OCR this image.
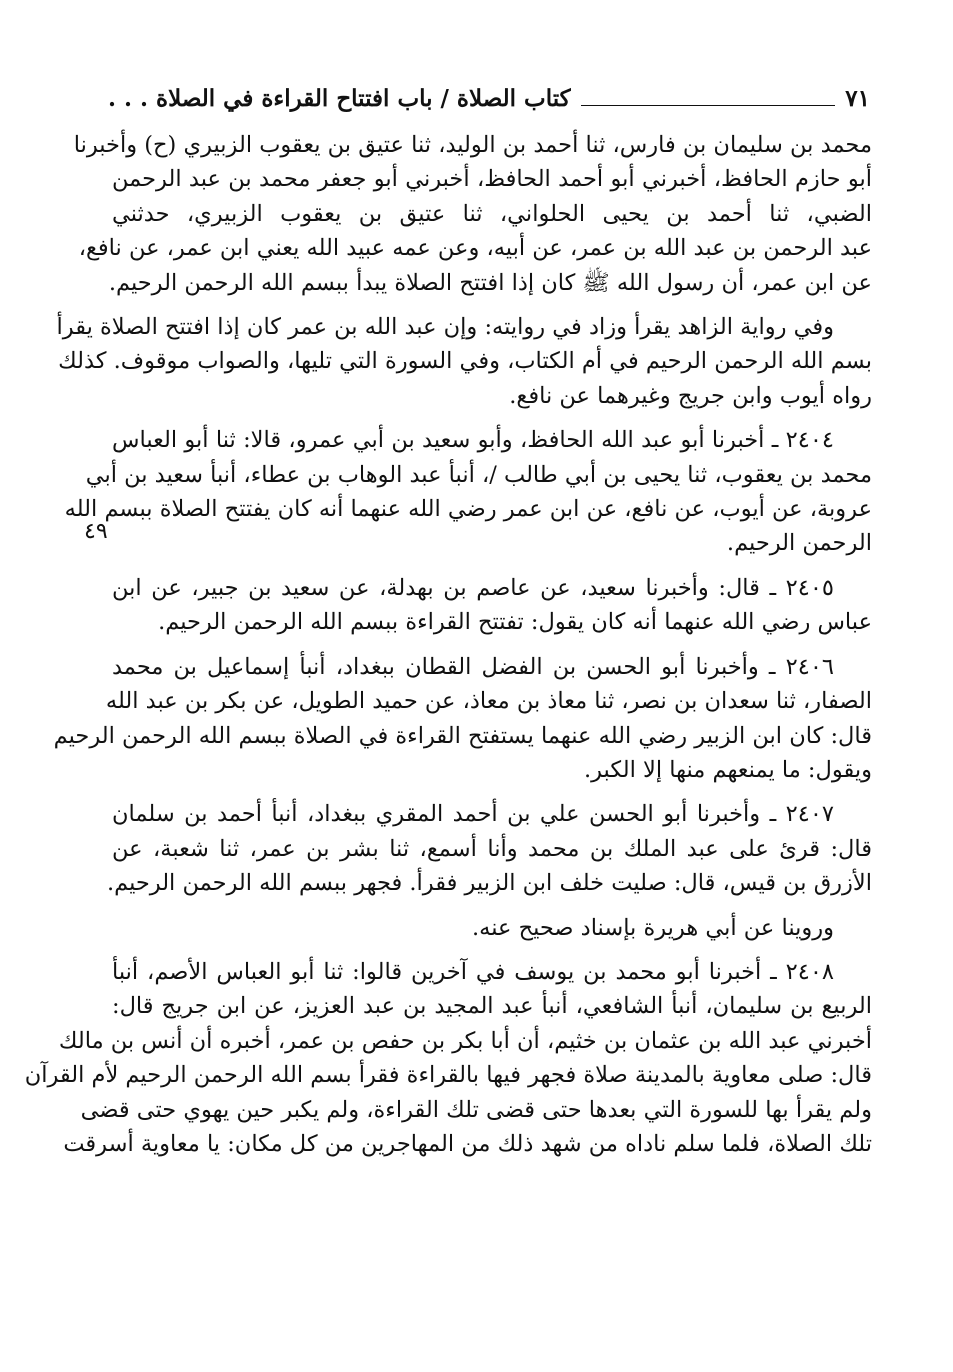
كتاب الصلاة / باب افتتاح القراءة في الصلاة . . .	٧١
٤٩
محمد بن سليمان بن فارس، ثنا أحمد بن الوليد، ثنا عتيق بن يعقوب الزبيري (ح) وأخبرنا
أبو حازم الحافظ، أخبرني أبو أحمد الحافظ، أخبرني أبو جعفر محمد بن عبد الرحمن
الضبي، ثنا أحمد بن يحيى الحلواني، ثنا عتيق بن يعقوب الزبيري، حدثني
عبد الرحمن بن عبد الله بن عمر، عن أبيه، وعن عمه عبيد الله يعني ابن عمر، عن نافع،
عن ابن عمر، أن رسول الله ﷺ كان إذا افتتح الصلاة يبدأ ببسم الله الرحمن الرحيم.
وفي رواية الزاهد يقرأ وزاد في روايته: وإن عبد الله بن عمر كان إذا افتتح الصلاة يقرأ
بسم الله الرحمن الرحيم في أم الكتاب، وفي السورة التي تليها، والصواب موقوف. كذلك
رواه أيوب وابن جريج وغيرهما عن نافع.
٢٤٠٤ ـ أخبرنا أبو عبد الله الحافظ، وأبو سعيد بن أبي عمرو، قالا: ثنا أبو العباس
محمد بن يعقوب، ثنا يحيى بن أبي طالب /، أنبأ عبد الوهاب بن عطاء، أنبأ سعيد بن أبي
عروبة، عن أيوب، عن نافع، عن ابن عمر رضي الله عنهما أنه كان يفتتح الصلاة ببسم الله
الرحمن الرحيم.
٢٤٠٥ ـ قال: وأخبرنا سعيد، عن عاصم بن بهدلة، عن سعيد بن جبير، عن ابن
عباس رضي الله عنهما أنه كان يقول: تفتتح القراءة ببسم الله الرحمن الرحيم.
٢٤٠٦ ـ وأخبرنا أبو الحسن بن الفضل القطان ببغداد، أنبأ إسماعيل بن محمد
الصفار، ثنا سعدان بن نصر، ثنا معاذ بن معاذ، عن حميد الطويل، عن بكر بن عبد الله
قال: كان ابن الزبير رضي الله عنهما يستفتح القراءة في الصلاة ببسم الله الرحمن الرحيم
ويقول: ما يمنعهم منها إلا الكبر.
٢٤٠٧ ـ وأخبرنا أبو الحسن علي بن أحمد المقري ببغداد، أنبأ أحمد بن سلمان
قال: قرئ على عبد الملك بن محمد وأنا أسمع، ثنا بشر بن عمر، ثنا شعبة، عن
الأزرق بن قيس، قال: صليت خلف ابن الزبير فقرأ. فجهر ببسم الله الرحمن الرحيم.
وروينا عن أبي هريرة بإسناد صحيح عنه.
٢٤٠٨ ـ أخبرنا أبو محمد بن يوسف في آخرين قالوا: ثنا أبو العباس الأصم، أنبأ
الربيع بن سليمان، أنبأ الشافعي، أنبأ عبد المجيد بن عبد العزيز، عن ابن جريج قال:
أخبرني عبد الله بن عثمان بن خثيم، أن أبا بكر بن حفص بن عمر، أخبره أن أنس بن مالك
قال: صلى معاوية بالمدينة صلاة فجهر فيها بالقراءة فقرأ بسم الله الرحمن الرحيم لأم القرآن
ولم يقرأ بها للسورة التي بعدها حتى قضى تلك القراءة، ولم يكبر حين يهوي حتى قضى
تلك الصلاة، فلما سلم ناداه من شهد ذلك من المهاجرين من كل مكان: يا معاوية أسرقت
